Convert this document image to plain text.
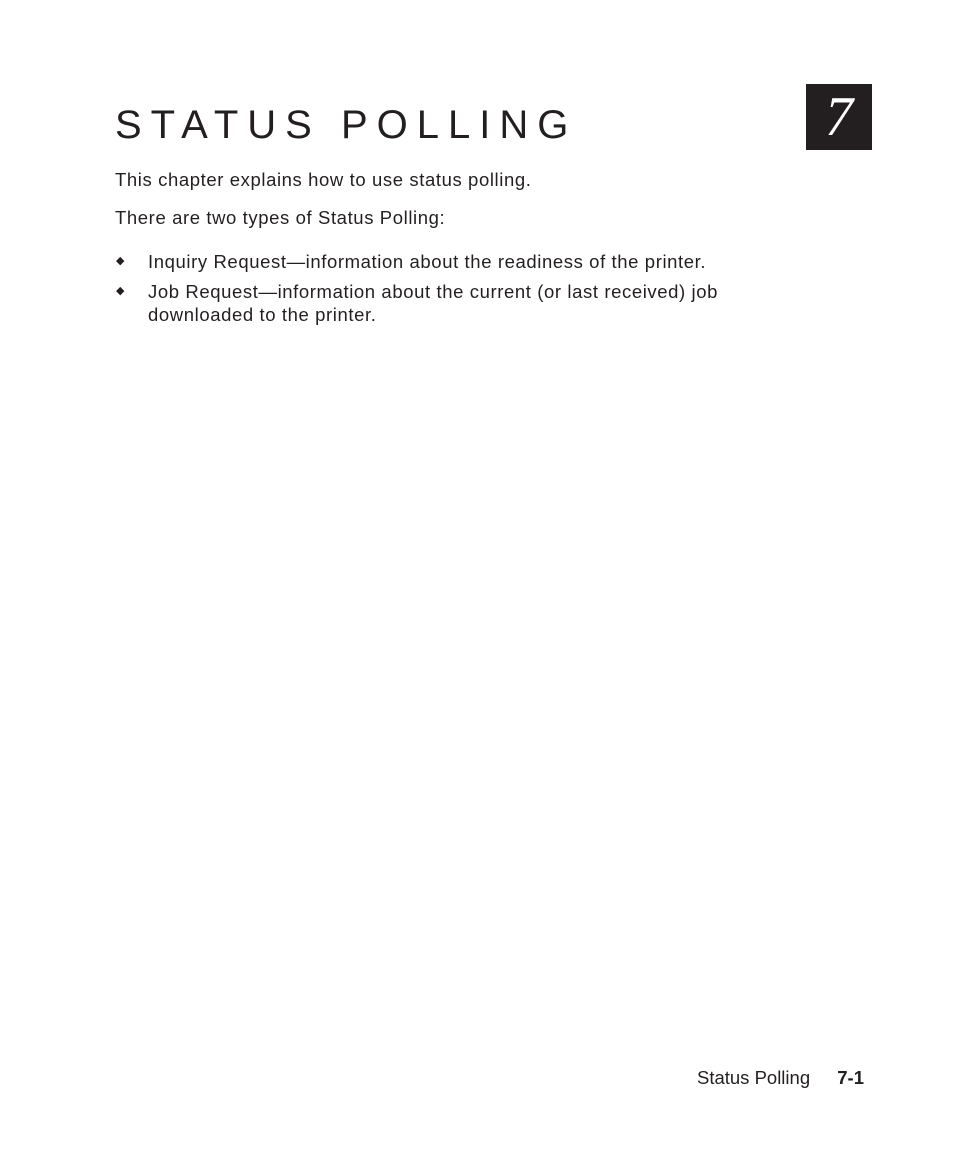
STATUS POLLING	7

This chapter explains how to use status polling.

There are two types of Status Polling:

◆ Inquiry Request—information about the readiness of the printer.
◆ Job Request—information about the current (or last received) job downloaded to the printer.
Status Polling 7-1
